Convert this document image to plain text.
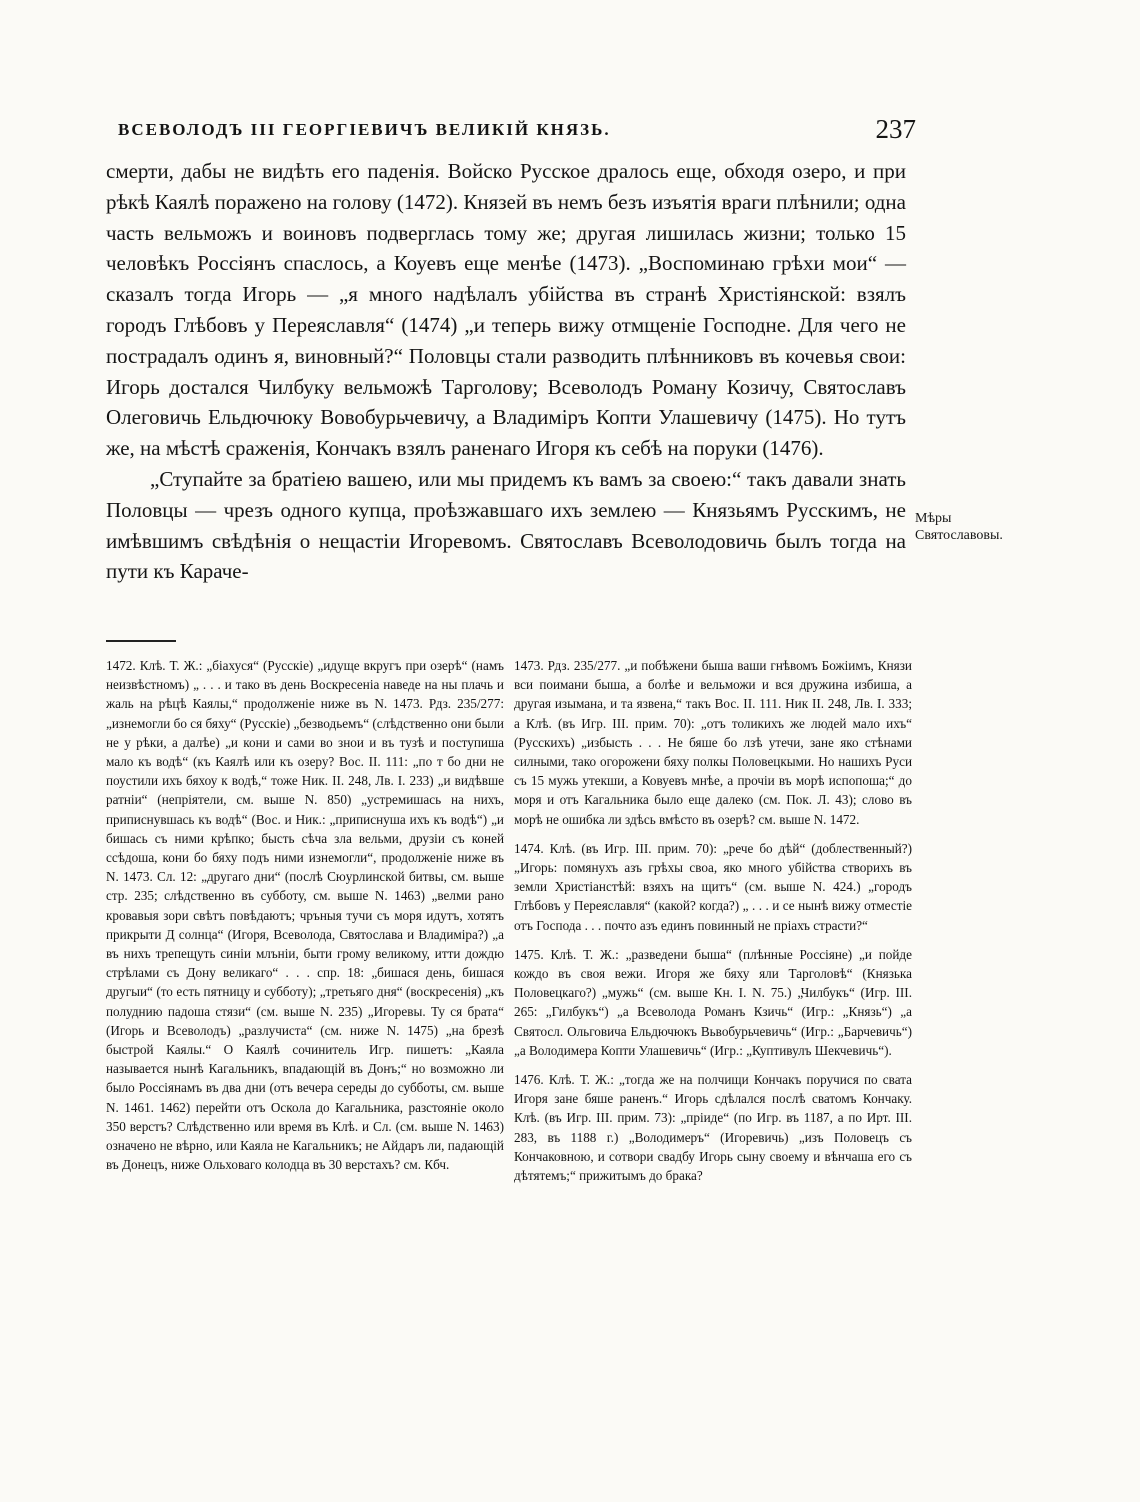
ВСЕВОЛОДЪ III ГЕОРГІЕВИЧЪ ВЕЛИКІЙ КНЯЗЬ.	237

смерти, дабы не видѣть его паденія. Войско Русское дралось еще, обходя озеро, и при рѣкѣ Каялѣ поражено на голову (1472). Князей въ немъ безъ изъятія враги плѣнили; одна часть вельможъ и воиновъ подверглась тому же; другая лишилась жизни; только 15 человѣкъ Россіянъ спаслось, а Коуевъ еще менѣе (1473). „Воспоминаю грѣхи мои“ — сказалъ тогда Игорь — „я много надѣлалъ убійства въ странѣ Христіянской: взялъ городъ Глѣбовъ у Переяславля“ (1474) „и теперь вижу отмщеніе Господне. Для чего не пострадалъ одинъ я, виновный?“ Половцы стали разводить плѣнниковъ въ кочевья свои: Игорь достался Чилбуку вельможѣ Тарголову; Всеволодъ Роману Козичу, Святославъ Олеговичь Ельдючюку Вовобурьчевичу, а Владиміръ Копти Улашевичу (1475). Но тутъ же, на мѣстѣ сраженія, Кончакъ взялъ раненаго Игоря къ себѣ на поруки (1476).

„Ступайте за братіею вашею, или мы придемъ къ вамъ за своею:“ такъ давали знать Половцы — чрезъ одного купца, проѣзжавшаго ихъ землею — Князьямъ Русскимъ, не имѣвшимъ свѣдѣнія о нещастіи Игоревомъ. Святославъ Всеволодовичь былъ тогда на пути къ Караче-

Мѣры Святославовы.

1472. Клѣ. Т. Ж.: „біахуся“ (Русскіе) „идуще вкругъ при озерѣ“ (намъ неизвѣстномъ) „ . . . и тако въ день Воскресеніа наведе на ны плачь и жаль на рѣцѣ Каялы,“ продолженіе ниже въ N. 1473. Рдз. 235/277: „изнемогли бо ся бяху“ (Русскіе) „безводьемъ“ (слѣдственно они были не у рѣки, а далѣе) „и кони и сами во знои и въ тузѣ и поступиша мало къ водѣ“ (къ Каялѣ или къ озеру? Вос. II. 111: „по т бо дни не поустили ихъ бяхоу к водѣ,“ тоже Ник. II. 248, Лв. I. 233) „и видѣвше ратніи“ (непріятели, см. выше N. 850) „устремишась на нихъ, приписнувшась къ водѣ“ (Вос. и Ник.: „приписнуша ихъ къ водѣ“) „и бишась съ ними крѣпко; бысть сѣча зла вельми, друзіи съ коней ссѣдоша, кони бо бяху подъ ними изнемогли“, продолженіе ниже въ N. 1473. Сл. 12: „другаго дни“ (послѣ Сюурлинской битвы, см. выше стр. 235; слѣдственно въ субботу, см. выше N. 1463) „велми рано кровавыя зори свѣтъ повѣдаютъ; чръныя тучи съ моря идутъ, хотятъ прикрыти Д солнца“ (Игоря, Всеволода, Святослава и Владиміра?) „а въ нихъ трепещуть синіи млъніи, быти грому великому, итти дождю стрѣлами съ Дону великаго“ . . . спр. 18: „бишася день, бишася другыи“ (то есть пятницу и субботу); „третьяго дня“ (воскресенія) „къ полуднию падоша стязи“ (см. выше N. 235) „Игоревы. Ту ся брата“ (Игорь и Всеволодъ) „разлучиста“ (см. ниже N. 1475) „на брезѣ быстрой Каялы.“ О Каялѣ сочинитель Игр. пишетъ: „Каяла называется нынѣ Кагальникъ, впадающій въ Донъ;“ но возможно ли было Россіянамъ въ два дни (отъ вечера середы до субботы, см. выше N. 1461. 1462) перейти отъ Оскола до Кагальника, разстояніе около 350 верстъ? Слѣдственно или время въ Клѣ. и Сл. (см. выше N. 1463) означено не вѣрно, или Каяла не Кагальникъ; не Айдаръ ли, падающій въ Донецъ, ниже Ольховаго колодца въ 30 верстахъ? см. Кбч.

1473. Рдз. 235/277. „и побѣжени быша ваши гнѣвомъ Божіимъ, Князи вси поимани быша, а болѣе и вельможи и вся дружина избиша, а другая изымана, и та язвена,“ такъ Вос. II. 111. Ник II. 248, Лв. I. 333; а Клѣ. (въ Игр. III. прим. 70): „отъ толикихъ же людей мало ихъ“ (Русскихъ) „избысть . . . Не бяше бо лзѣ утечи, зане яко стѣнами силными, тако огорожени бяху полкы Половецкыми. Но нашихъ Руси съ 15 мужь утекши, а Ковуевъ мнѣе, а прочіи въ морѣ испопоша;“ до моря и отъ Кагальника было еще далеко (см. Пок. Л. 43); слово въ морѣ не ошибка ли здѣсь вмѣсто въ озерѣ? см. выше N. 1472.

1474. Клѣ. (въ Игр. III. прим. 70): „рече бо дѣй“ (доблественный?) „Игорь: помянухъ азъ грѣхы своа, яко много убійства створихъ въ земли Христіанстѣй: взяхъ на щитъ“ (см. выше N. 424.) „городъ Глѣбовъ у Переяславля“ (какой? когда?) „ . . . и се нынѣ вижу отместіе отъ Господа . . . почто азъ единъ повинный не пріахъ страсти?“

1475. Клѣ. Т. Ж.: „разведени быша“ (плѣнные Россіяне) „и пойде кождо въ своя вежи. Игоря же бяху яли Тарголовѣ“ (Князька Половецкаго?) „мужь“ (см. выше Кн. I. N. 75.) „Чилбукъ“ (Игр. III. 265: „Гилбукъ“) „а Всеволода Романъ Кзичь“ (Игр.: „Князь“) „а Святосл. Ольговича Ельдючюкъ Вьвобурьчевичь“ (Игр.: „Барчевичь“) „а Володимера Копти Улашевичь“ (Игр.: „Куптивулъ Шекчевичь“).

1476. Клѣ. Т. Ж.: „тогда же на полчищи Кончакъ поручися по свата Игоря зане бяше раненъ.“ Игорь сдѣлался послѣ сватомъ Кончаку. Клѣ. (въ Игр. III. прим. 73): „пріиде“ (по Игр. въ 1187, а по Ирт. III. 283, въ 1188 г.) „Володимеръ“ (Игоревичь) „изъ Половецъ съ Кончаковною, и сотвори свадбу Игорь сыну своему и вѣнчаша его съ дѣтятемъ;“ прижитымъ до брака?
